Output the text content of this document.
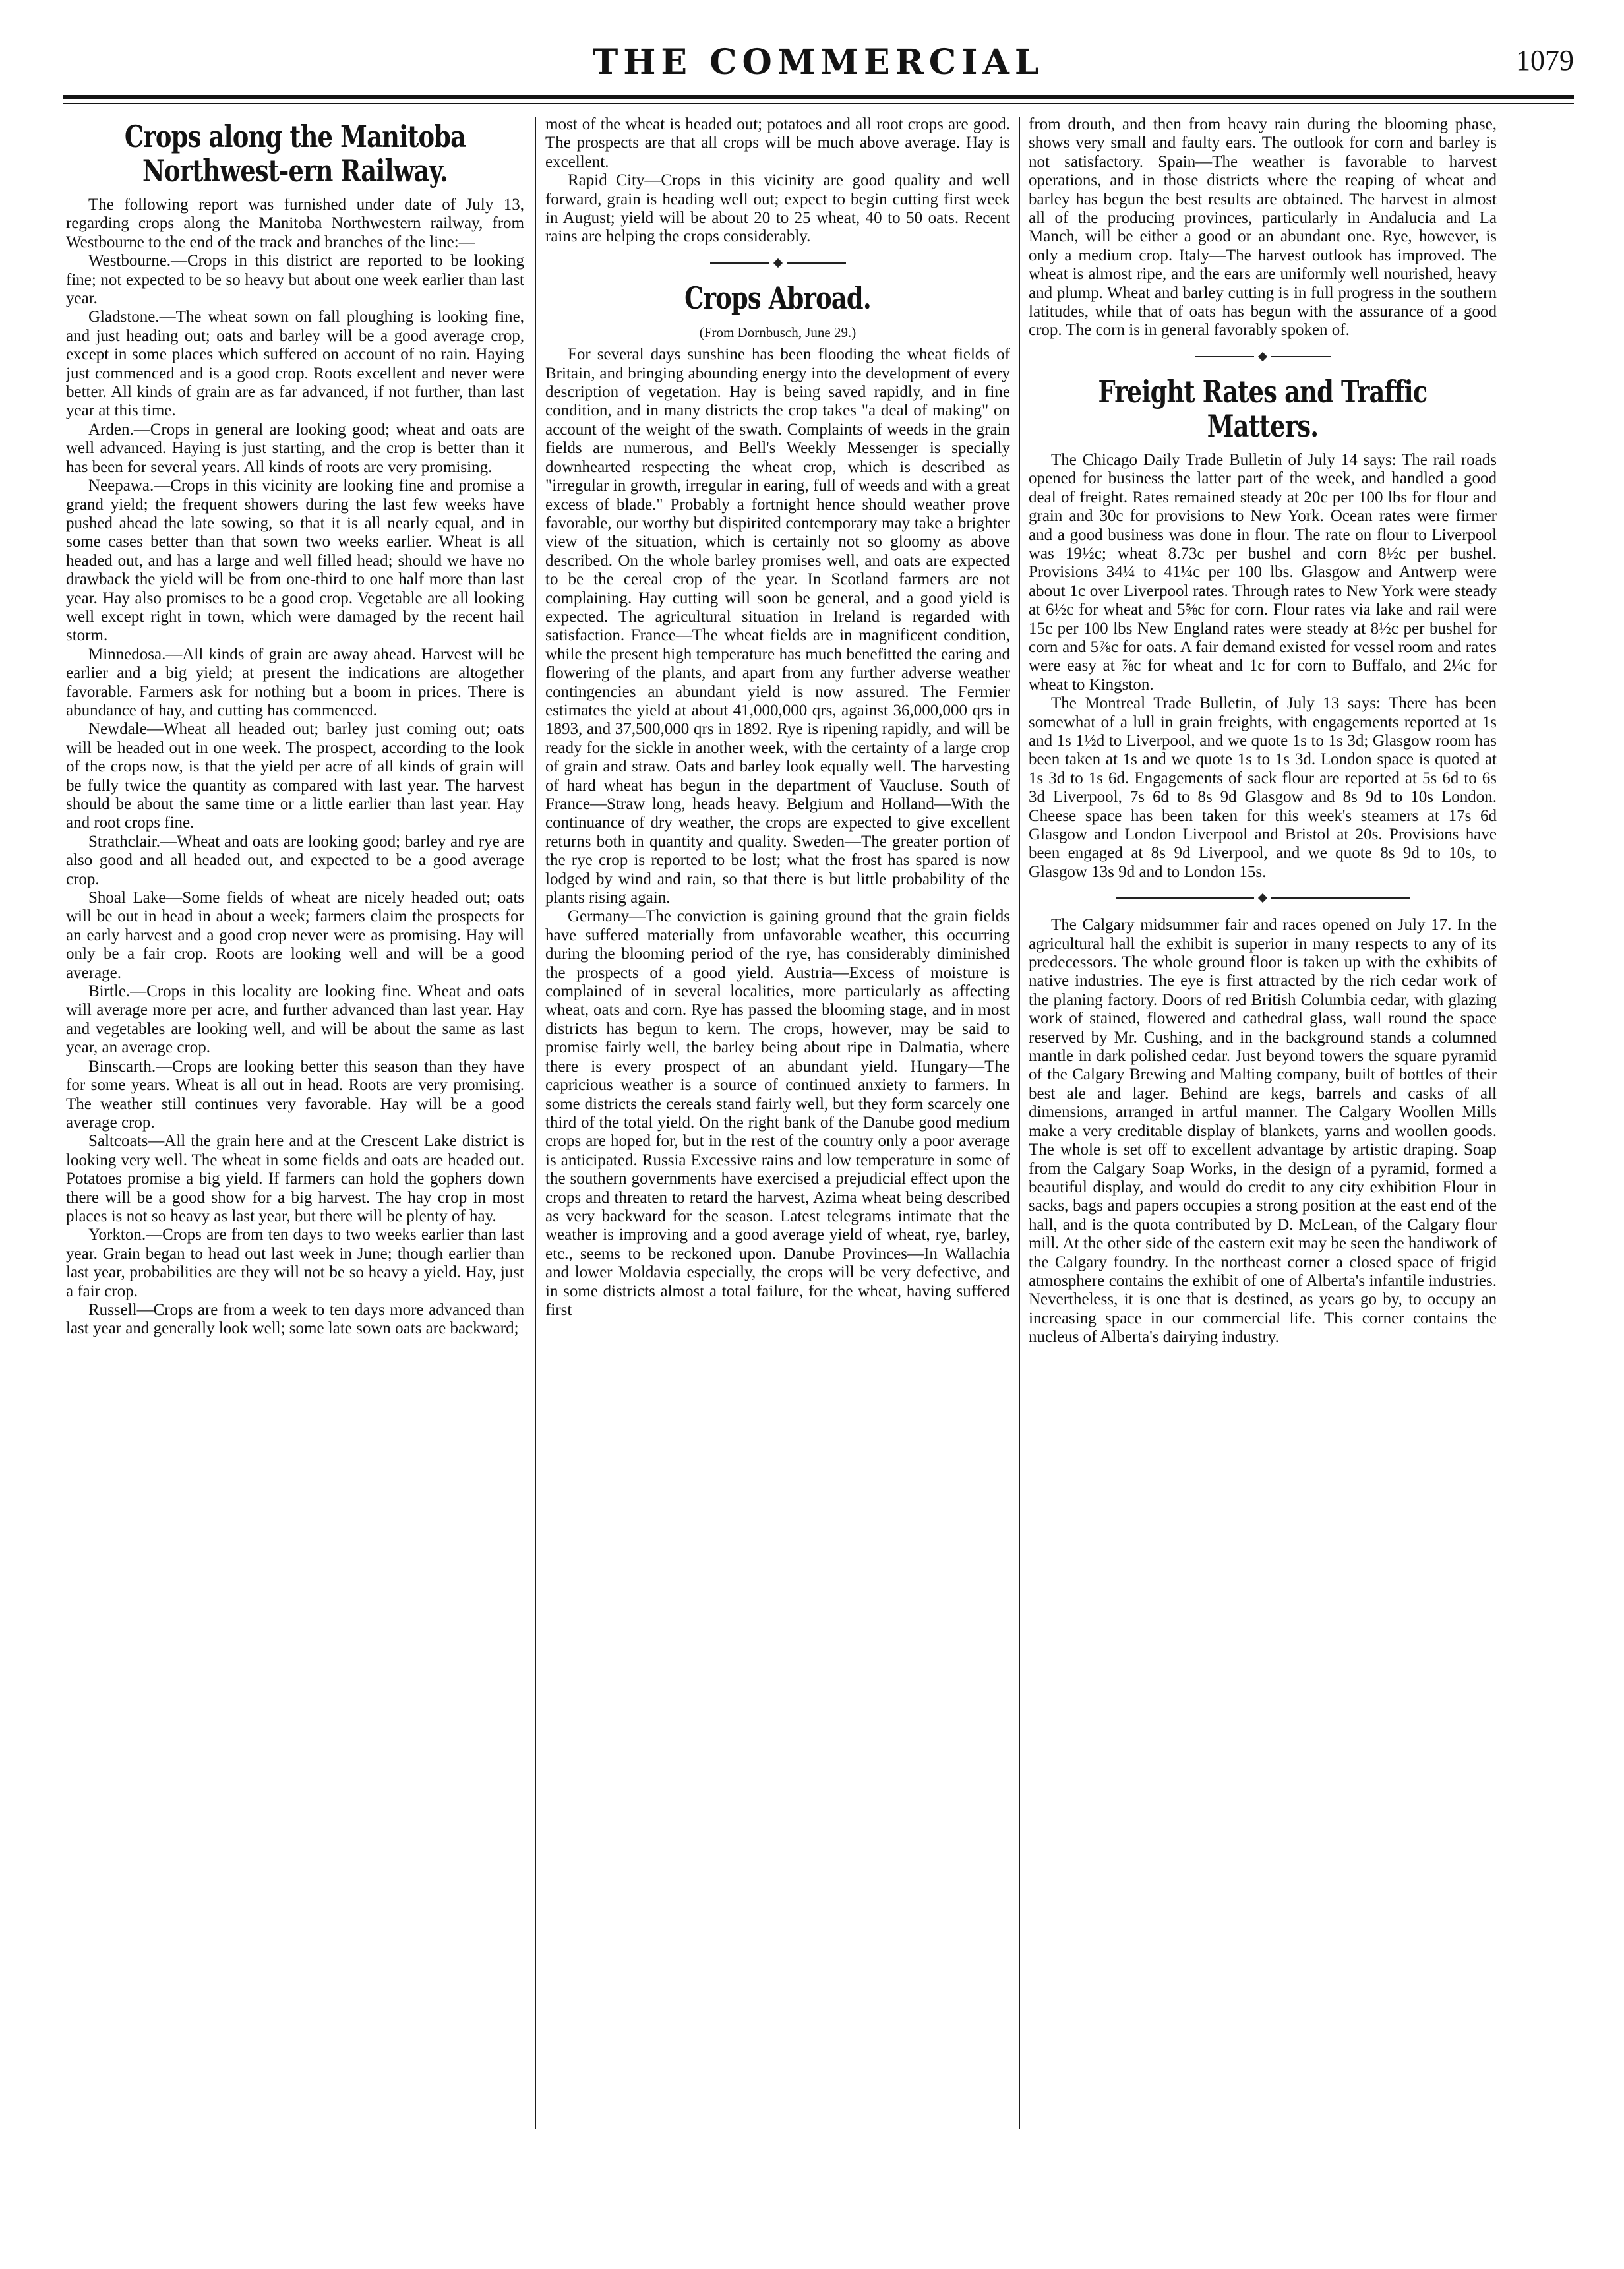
THE COMMERCIAL	1079
Crops along the Manitoba Northwest-ern Railway.

The following report was furnished under date of July 13, regarding crops along the Manitoba Northwestern railway, from Westbourne to the end of the track and branches of the line:—

Westbourne.—Crops in this district are reported to be looking fine; not expected to be so heavy but about one week earlier than last year.

Gladstone.—The wheat sown on fall ploughing is looking fine, and just heading out; oats and barley will be a good average crop, except in some places which suffered on account of no rain. Haying just commenced and is a good crop. Roots excellent and never were better. All kinds of grain are as far advanced, if not further, than last year at this time.

Arden.—Crops in general are looking good; wheat and oats are well advanced. Haying is just starting, and the crop is better than it has been for several years. All kinds of roots are very promising.

Neepawa.—Crops in this vicinity are looking fine and promise a grand yield; the frequent showers during the last few weeks have pushed ahead the late sowing, so that it is all nearly equal, and in some cases better than that sown two weeks earlier. Wheat is all headed out, and has a large and well filled head; should we have no drawback the yield will be from one-third to one half more than last year. Hay also promises to be a good crop. Vegetable are all looking well except right in town, which were damaged by the recent hail storm.

Minnedosa.—All kinds of grain are away ahead. Harvest will be earlier and a big yield; at present the indications are altogether favorable. Farmers ask for nothing but a boom in prices. There is abundance of hay, and cutting has commenced.

Newdale—Wheat all headed out; barley just coming out; oats will be headed out in one week. The prospect, according to the look of the crops now, is that the yield per acre of all kinds of grain will be fully twice the quantity as compared with last year. The harvest should be about the same time or a little earlier than last year. Hay and root crops fine.

Strathclair.—Wheat and oats are looking good; barley and rye are also good and all headed out, and expected to be a good average crop.

Shoal Lake—Some fields of wheat are nicely headed out; oats will be out in head in about a week; farmers claim the prospects for an early harvest and a good crop never were as promising. Hay will only be a fair crop. Roots are looking well and will be a good average.

Birtle.—Crops in this locality are looking fine. Wheat and oats will average more per acre, and further advanced than last year. Hay and vegetables are looking well, and will be about the same as last year, an average crop.

Binscarth.—Crops are looking better this season than they have for some years. Wheat is all out in head. Roots are very promising. The weather still continues very favorable. Hay will be a good average crop.

Saltcoats—All the grain here and at the Crescent Lake district is looking very well. The wheat in some fields and oats are headed out. Potatoes promise a big yield. If farmers can hold the gophers down there will be a good show for a big harvest. The hay crop in most places is not so heavy as last year, but there will be plenty of hay.

Yorkton.—Crops are from ten days to two weeks earlier than last year. Grain began to head out last week in June; though earlier than last year, probabilities are they will not be so heavy a yield. Hay, just a fair crop.

Russell—Crops are from a week to ten days more advanced than last year and generally look well; some late sown oats are backward;

most of the wheat is headed out; potatoes and all root crops are good. The prospects are that all crops will be much above average. Hay is excellent.

Rapid City—Crops in this vicinity are good quality and well forward, grain is heading well out; expect to begin cutting first week in August; yield will be about 20 to 25 wheat, 40 to 50 oats. Recent rains are helping the crops considerably.

Crops Abroad.
(From Dornbusch, June 29.)

For several days sunshine has been flooding the wheat fields of Britain, and bringing abounding energy into the development of every description of vegetation. Hay is being saved rapidly, and in fine condition, and in many districts the crop takes "a deal of making" on account of the weight of the swath. Complaints of weeds in the grain fields are numerous, and Bell's Weekly Messenger is specially downhearted respecting the wheat crop, which is described as "irregular in growth, irregular in earing, full of weeds and with a great excess of blade." Probably a fortnight hence should weather prove favorable, our worthy but dispirited contemporary may take a brighter view of the situation, which is certainly not so gloomy as above described. On the whole barley promises well, and oats are expected to be the cereal crop of the year. In Scotland farmers are not complaining. Hay cutting will soon be general, and a good yield is expected. The agricultural situation in Ireland is regarded with satisfaction. France—The wheat fields are in magnificent condition, while the present high temperature has much benefitted the earing and flowering of the plants, and apart from any further adverse weather contingencies an abundant yield is now assured. The Fermier estimates the yield at about 41,000,000 qrs, against 36,000,000 qrs in 1893, and 37,500,000 qrs in 1892. Rye is ripening rapidly, and will be ready for the sickle in another week, with the certainty of a large crop of grain and straw. Oats and barley look equally well. The harvesting of hard wheat has begun in the department of Vaucluse. South of France—Straw long, heads heavy. Belgium and Holland—With the continuance of dry weather, the crops are expected to give excellent returns both in quantity and quality. Sweden—The greater portion of the rye crop is reported to be lost; what the frost has spared is now lodged by wind and rain, so that there is but little probability of the plants rising again.

Germany—The conviction is gaining ground that the grain fields have suffered materially from unfavorable weather, this occurring during the blooming period of the rye, has considerably diminished the prospects of a good yield. Austria—Excess of moisture is complained of in several localities, more particularly as affecting wheat, oats and corn. Rye has passed the blooming stage, and in most districts has begun to kern. The crops, however, may be said to promise fairly well, the barley being about ripe in Dalmatia, where there is every prospect of an abundant yield. Hungary—The capricious weather is a source of continued anxiety to farmers. In some districts the cereals stand fairly well, but they form scarcely one third of the total yield. On the right bank of the Danube good medium crops are hoped for, but in the rest of the country only a poor average is anticipated. Russia Excessive rains and low temperature in some of the southern governments have exercised a prejudicial effect upon the crops and threaten to retard the harvest, Azima wheat being described as very backward for the season. Latest telegrams intimate that the weather is improving and a good average yield of wheat, rye, barley, etc., seems to be reckoned upon. Danube Provinces—In Wallachia and lower Moldavia especially, the crops will be very defective, and in some districts almost a total failure, for the wheat, having suffered first

from drouth, and then from heavy rain during the blooming phase, shows very small and faulty ears. The outlook for corn and barley is not satisfactory. Spain—The weather is favorable to harvest operations, and in those districts where the reaping of wheat and barley has begun the best results are obtained. The harvest in almost all of the producing provinces, particularly in Andalucia and La Manch, will be either a good or an abundant one. Rye, however, is only a medium crop. Italy—The harvest outlook has improved. The wheat is almost ripe, and the ears are uniformly well nourished, heavy and plump. Wheat and barley cutting is in full progress in the southern latitudes, while that of oats has begun with the assurance of a good crop. The corn is in general favorably spoken of.

Freight Rates and Traffic Matters.

The Chicago Daily Trade Bulletin of July 14 says: The rail roads opened for business the latter part of the week, and handled a good deal of freight. Rates remained steady at 20c per 100 lbs for flour and grain and 30c for provisions to New York. Ocean rates were firmer and a good business was done in flour. The rate on flour to Liverpool was 19½c; wheat 8.73c per bushel and corn 8½c per bushel. Provisions 34¼ to 41¼c per 100 lbs. Glasgow and Antwerp were about 1c over Liverpool rates. Through rates to New York were steady at 6½c for wheat and 5⅝c for corn. Flour rates via lake and rail were 15c per 100 lbs New England rates were steady at 8½c per bushel for corn and 5⅞c for oats. A fair demand existed for vessel room and rates were easy at ⅞c for wheat and 1c for corn to Buffalo, and 2¼c for wheat to Kingston.

The Montreal Trade Bulletin, of July 13 says: There has been somewhat of a lull in grain freights, with engagements reported at 1s and 1s 1½d to Liverpool, and we quote 1s to 1s 3d; Glasgow room has been taken at 1s and we quote 1s to 1s 3d. London space is quoted at 1s 3d to 1s 6d. Engagements of sack flour are reported at 5s 6d to 6s 3d Liverpool, 7s 6d to 8s 9d Glasgow and 8s 9d to 10s London. Cheese space has been taken for this week's steamers at 17s 6d Glasgow and London Liverpool and Bristol at 20s. Provisions have been engaged at 8s 9d Liverpool, and we quote 8s 9d to 10s, to Glasgow 13s 9d and to London 15s.

The Calgary midsummer fair and races opened on July 17. In the agricultural hall the exhibit is superior in many respects to any of its predecessors. The whole ground floor is taken up with the exhibits of native industries. The eye is first attracted by the rich cedar work of the planing factory. Doors of red British Columbia cedar, with glazing work of stained, flowered and cathedral glass, wall round the space reserved by Mr. Cushing, and in the background stands a columned mantle in dark polished cedar. Just beyond towers the square pyramid of the Calgary Brewing and Malting company, built of bottles of their best ale and lager. Behind are kegs, barrels and casks of all dimensions, arranged in artful manner. The Calgary Woollen Mills make a very creditable display of blankets, yarns and woollen goods. The whole is set off to excellent advantage by artistic draping. Soap from the Calgary Soap Works, in the design of a pyramid, formed a beautiful display, and would do credit to any city exhibition Flour in sacks, bags and papers occupies a strong position at the east end of the hall, and is the quota contributed by D. McLean, of the Calgary flour mill. At the other side of the eastern exit may be seen the handiwork of the Calgary foundry. In the northeast corner a closed space of frigid atmosphere contains the exhibit of one of Alberta's infantile industries. Nevertheless, it is one that is destined, as years go by, to occupy an increasing space in our commercial life. This corner contains the nucleus of Alberta's dairying industry.
